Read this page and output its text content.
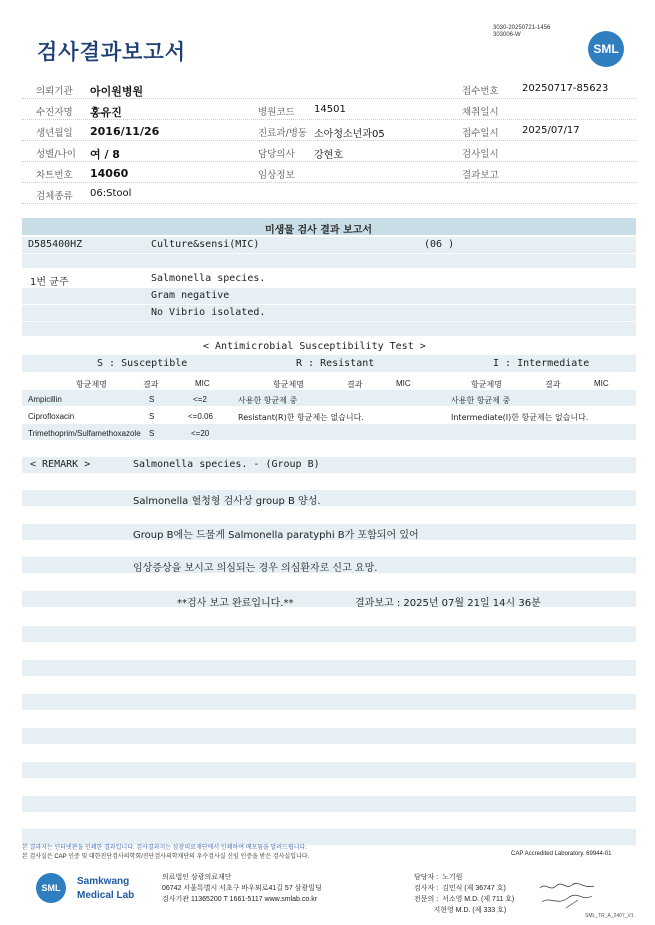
검사결과보고서
3030-20250721-1456
303006-W
SML
의뢰기관 아이원병원	접수번호 20250717-85623
수진자명 홍유진	병원코드 14501	채취일시
생년월일 2016/11/26	진료과/병동 소아청소년과05	접수일시 2025/07/17
성별/나이 여 / 8	담당의사 강현호	검사일시
차트번호 14060	임상정보	결과보고
검체종류 06:Stool
미생물 검사 결과 보고서
D585400HZ	Culture&sensi(MIC)	(06 )
1번 균주	Salmonella species.
Gram negative
No Vibrio isolated.
< Antimicrobial Susceptibility Test >
S : Susceptible	R : Resistant	I : Intermediate
항균제명	결과	MIC	항균제명	결과	MIC	항균제명	결과	MIC
Ampicillin	S	<=2	사용한 항균제 중	사용한 항균제 중
Ciprofloxacin	S	<=0.06	Resistant(R)한 항균제는 없습니다.	Intermediate(I)한 항균제는 없습니다.
Trimethoprim/Sulfamethoxazole S	<=20
< REMARK >	Salmonella species. - (Group B)
Salmonella 혈청형 검사상 group B 양성.
Group B에는 드물게 Salmonella paratyphi B가 포함되어 있어
임상증상을 보시고 의심되는 경우 의심환자로 신고 요망.
**검사 보고 완료입니다.**	결과보고 : 2025년 07월 21일 14시 36분
본 결과지는 인터넷판을 인쇄한 결과입니다. 검사결과지는 삼광의료재단에서 인쇄하여 배포됨을 알려드립니다.
본 검사실은 CAP 인증 및 대한진단검사의학회/진단검사의학재단의 우수검사실 신임 인증을 받은 검사실입니다.	CAP Accredited Laboratory. 69944-01
SML
Samkwang
Medical Lab
의료법인 삼광의료재단
06742 서울특별시 서초구 바우뫼로41길 57 삼광빌딩
검사기관 11365200 T 1661-5117 www.smlab.co.kr
담당자 :  노기원
검사자 :  김민식 (제 36747 호)
전문의 :  서소영 M.D. (제 711 호)
지현영 M.D. (제 333 호)
SML_TR_A_2407_V1
